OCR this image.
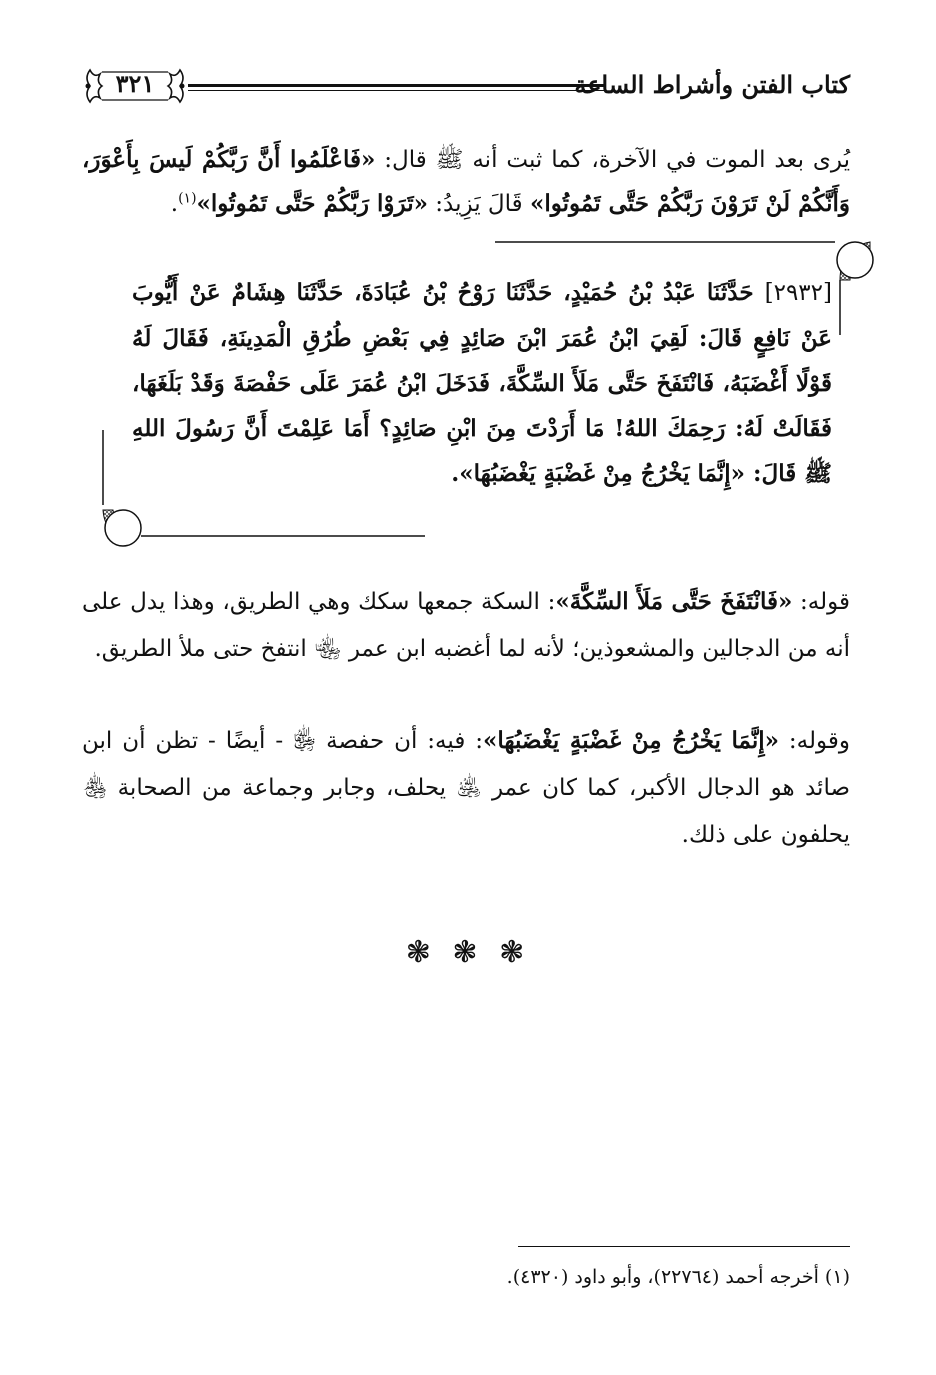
كتاب الفتن وأشراط الساعة
٣٢١
يُرى بعد الموت في الآخرة، كما ثبت أنه ﷺ قال: «فَاعْلَمُوا أَنَّ رَبَّكُمْ لَيسَ بِأَعْوَرَ، وَأَنَّكُمْ لَنْ تَرَوْنَ رَبَّكُمْ حَتَّى تَمُوتُوا» قَالَ يَزِيدُ: «تَرَوْا رَبَّكُمْ حَتَّى تَمُوتُوا»$^{(١)}$.
[٢٩٣٢] حَدَّثَنَا عَبْدُ بْنُ حُمَيْدٍ، حَدَّثَنَا رَوْحُ بْنُ عُبَادَةَ، حَدَّثَنَا هِشَامٌ عَنْ أَيُّوبَ عَنْ نَافِعٍ قَالَ: لَقِيَ ابْنُ عُمَرَ ابْنَ صَائِدٍ فِي بَعْضِ طُرُقِ الْمَدِينَةِ، فَقَالَ لَهُ قَوْلًا أَغْضَبَهُ، فَانْتَفَخَ حَتَّى مَلَأَ السِّكَّةَ، فَدَخَلَ ابْنُ عُمَرَ عَلَى حَفْصَةَ وَقَدْ بَلَغَهَا، فَقَالَتْ لَهُ: رَحِمَكَ اللهُ! مَا أَرَدْتَ مِنَ ابْنِ صَائِدٍ؟ أَمَا عَلِمْتَ أَنَّ رَسُولَ اللهِ ﷺ قَالَ: «إِنَّمَا يَخْرُجُ مِنْ غَضْبَةٍ يَغْضَبُهَا».
قوله: «فَانْتَفَخَ حَتَّى مَلَأَ السِّكَّةَ»: السكة جمعها سكك وهي الطريق، وهذا يدل على أنه من الدجالين والمشعوذين؛ لأنه لما أغضبه ابن عمر ﵄ انتفخ حتى ملأ الطريق.
وقوله: «إِنَّمَا يَخْرُجُ مِنْ غَضْبَةٍ يَغْضَبُهَا»: فيه: أن حفصة ﵂ - أيضًا - تظن أن ابن صائد هو الدجال الأكبر، كما كان عمر ﵁ يحلف، وجابر وجماعة من الصحابة ﵃ يحلفون على ذلك.
❃ ❃ ❃
(١) أخرجه أحمد (٢٢٧٦٤)، وأبو داود (٤٣٢٠).
